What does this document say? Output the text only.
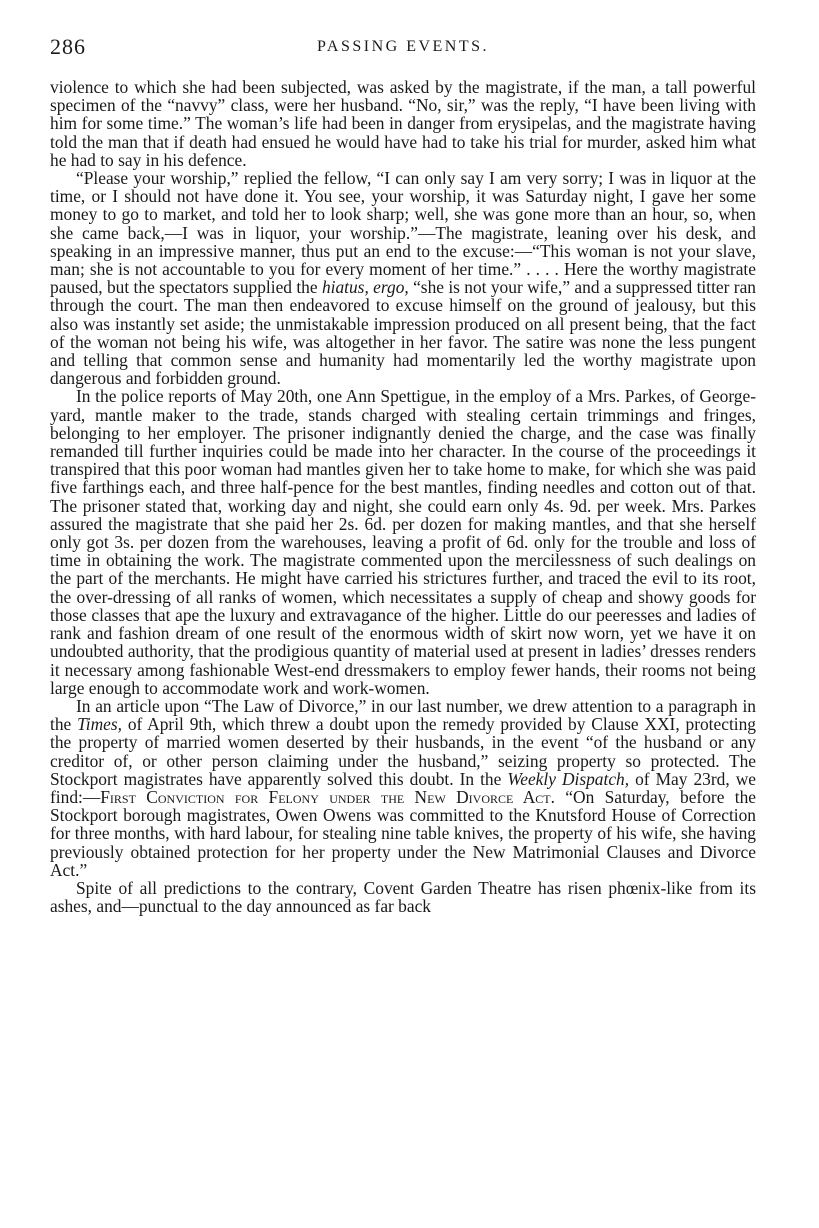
286	PASSING EVENTS.

violence to which she had been subjected, was asked by the magistrate, if the man, a tall powerful specimen of the “navvy” class, were her husband. “No, sir,” was the reply, “I have been living with him for some time.” The woman’s life had been in danger from erysipelas, and the magistrate having told the man that if death had ensued he would have had to take his trial for murder, asked him what he had to say in his defence.

“Please your worship,” replied the fellow, “I can only say I am very sorry; I was in liquor at the time, or I should not have done it. You see, your worship, it was Saturday night, I gave her some money to go to market, and told her to look sharp; well, she was gone more than an hour, so, when she came back,—I was in liquor, your worship.”—The magistrate, leaning over his desk, and speaking in an impressive manner, thus put an end to the excuse:—“This woman is not your slave, man; she is not accountable to you for every moment of her time.” . . . . Here the worthy magistrate paused, but the spectators supplied the hiatus, ergo, “she is not your wife,” and a suppressed titter ran through the court. The man then endeavored to excuse himself on the ground of jealousy, but this also was instantly set aside; the unmistakable impression produced on all present being, that the fact of the woman not being his wife, was altogether in her favor. The satire was none the less pungent and telling that common sense and humanity had momentarily led the worthy magistrate upon dangerous and forbidden ground.

In the police reports of May 20th, one Ann Spettigue, in the employ of a Mrs. Parkes, of George-yard, mantle maker to the trade, stands charged with stealing certain trimmings and fringes, belonging to her employer. The prisoner indignantly denied the charge, and the case was finally remanded till further inquiries could be made into her character. In the course of the proceedings it transpired that this poor woman had mantles given her to take home to make, for which she was paid five farthings each, and three half-pence for the best mantles, finding needles and cotton out of that. The prisoner stated that, working day and night, she could earn only 4s. 9d. per week. Mrs. Parkes assured the magistrate that she paid her 2s. 6d. per dozen for making mantles, and that she herself only got 3s. per dozen from the warehouses, leaving a profit of 6d. only for the trouble and loss of time in obtaining the work. The magistrate commented upon the mercilessness of such dealings on the part of the merchants. He might have carried his strictures further, and traced the evil to its root, the over-dressing of all ranks of women, which necessitates a supply of cheap and showy goods for those classes that ape the luxury and extravagance of the higher. Little do our peeresses and ladies of rank and fashion dream of one result of the enormous width of skirt now worn, yet we have it on undoubted authority, that the prodigious quantity of material used at present in ladies’ dresses renders it necessary among fashionable West-end dressmakers to employ fewer hands, their rooms not being large enough to accommodate work and work-women.

In an article upon “The Law of Divorce,” in our last number, we drew attention to a paragraph in the Times, of April 9th, which threw a doubt upon the remedy provided by Clause XXI, protecting the property of married women deserted by their husbands, in the event “of the husband or any creditor of, or other person claiming under the husband,” seizing property so protected. The Stockport magistrates have apparently solved this doubt. In the Weekly Dispatch, of May 23rd, we find:—First Conviction for Felony under the New Divorce Act. “On Saturday, before the Stockport borough magistrates, Owen Owens was committed to the Knutsford House of Correction for three months, with hard labour, for stealing nine table knives, the property of his wife, she having previously obtained protection for her property under the New Matrimonial Clauses and Divorce Act.”

Spite of all predictions to the contrary, Covent Garden Theatre has risen phœnix-like from its ashes, and—punctual to the day announced as far back
